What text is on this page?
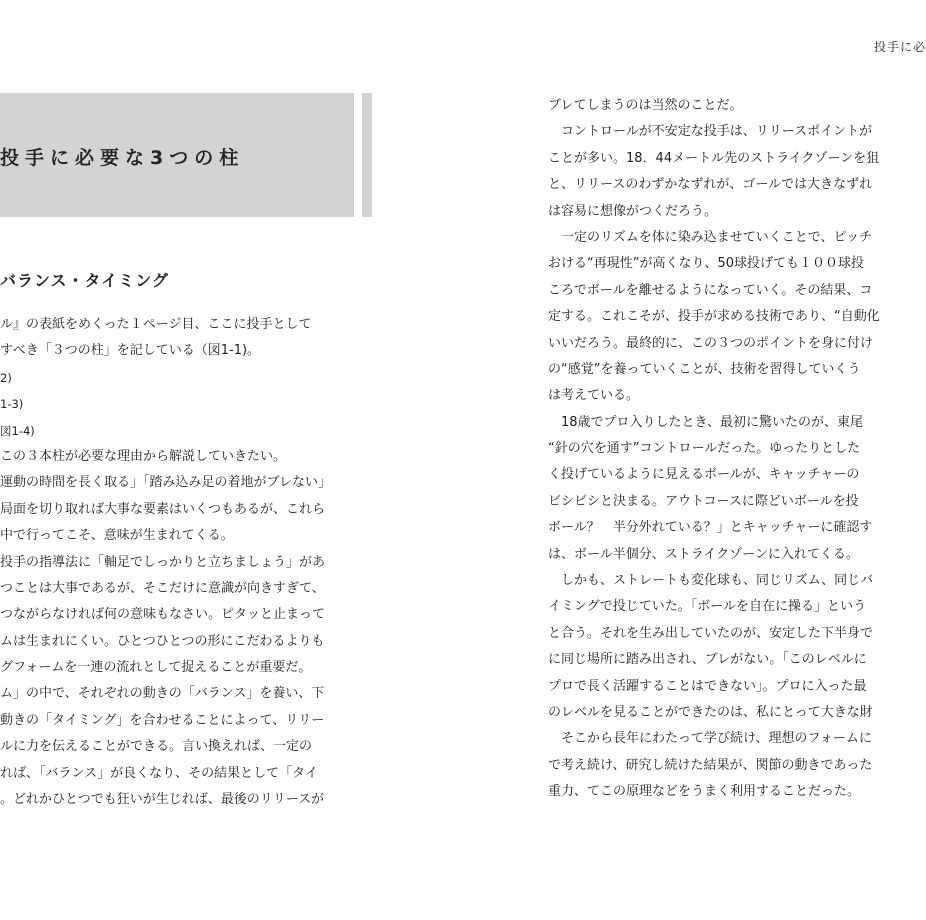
投手に必
投手に必要な3つの柱
バランス・タイミング
ル』の表紙をめくった１ページ目、ここに投手として
すべき「３つの柱」を記している（図1-1)。
2)
1-3)
図1-4)
この３本柱が必要な理由から解説していきたい。
運動の時間を長く取る」「踏み込み足の着地がブレない」
局面を切り取れば大事な要素はいくつもあるが、これら
中で行ってこそ、意味が生まれてくる。
投手の指導法に「軸足でしっかりと立ちましょう」があ
つことは大事であるが、そこだけに意識が向きすぎて、
つながらなければ何の意味もなさい。ピタッと止まって
ムは生まれにくい。ひとつひとつの形にこだわるよりも
グフォームを一連の流れとして捉えることが重要だ。
ム」の中で、それぞれの動きの「バランス」を養い、下
動きの「タイミング」を合わせることによって、リリー
ルに力を伝えることができる。言い換えれば、一定の
れば、「バランス」が良くなり、その結果として「タイ
。どれかひとつでも狂いが生じれば、最後のリリースが
ブレてしまうのは当然のことだ。
　コントロールが不安定な投手は、リリースポイントが
ことが多い。18．44メートル先のストライクゾーンを狙
と、リリースのわずかなずれが、ゴールでは大きなずれ
は容易に想像がつくだろう。
　一定のリズムを体に染み込ませていくことで、ピッチ
おける“再現性”が高くなり、50球投げても１００球投
ころでボールを離せるようになっていく。その結果、コ
定する。これこそが、投手が求める技術であり、“自動化
いいだろう。最終的に、この３つのポイントを身に付け
の“感覚”を養っていくことが、技術を習得していくう
は考えている。
　18歳でプロ入りしたとき、最初に驚いたのが、東尾
“針の穴を通す”コントロールだった。ゆったりとした
く投げているように見えるボールが、キャッチャーの
ビシビシと決まる。アウトコースに際どいボールを投
ボール？　半分外れている？」とキャッチャーに確認す
は、ボール半個分、ストライクゾーンに入れてくる。
　しかも、ストレートも変化球も、同じリズム、同じバ
イミングで投じていた。「ボールを自在に操る」という
と合う。それを生み出していたのが、安定した下半身で
に同じ場所に踏み出され、ブレがない。「このレベルに
プロで長く活躍することはできない」。プロに入った最
のレベルを見ることができたのは、私にとって大きな財
　そこから長年にわたって学び続け、理想のフォームに
で考え続け、研究し続けた結果が、関節の動きであった
重力、てこの原理などをうまく利用することだった。
